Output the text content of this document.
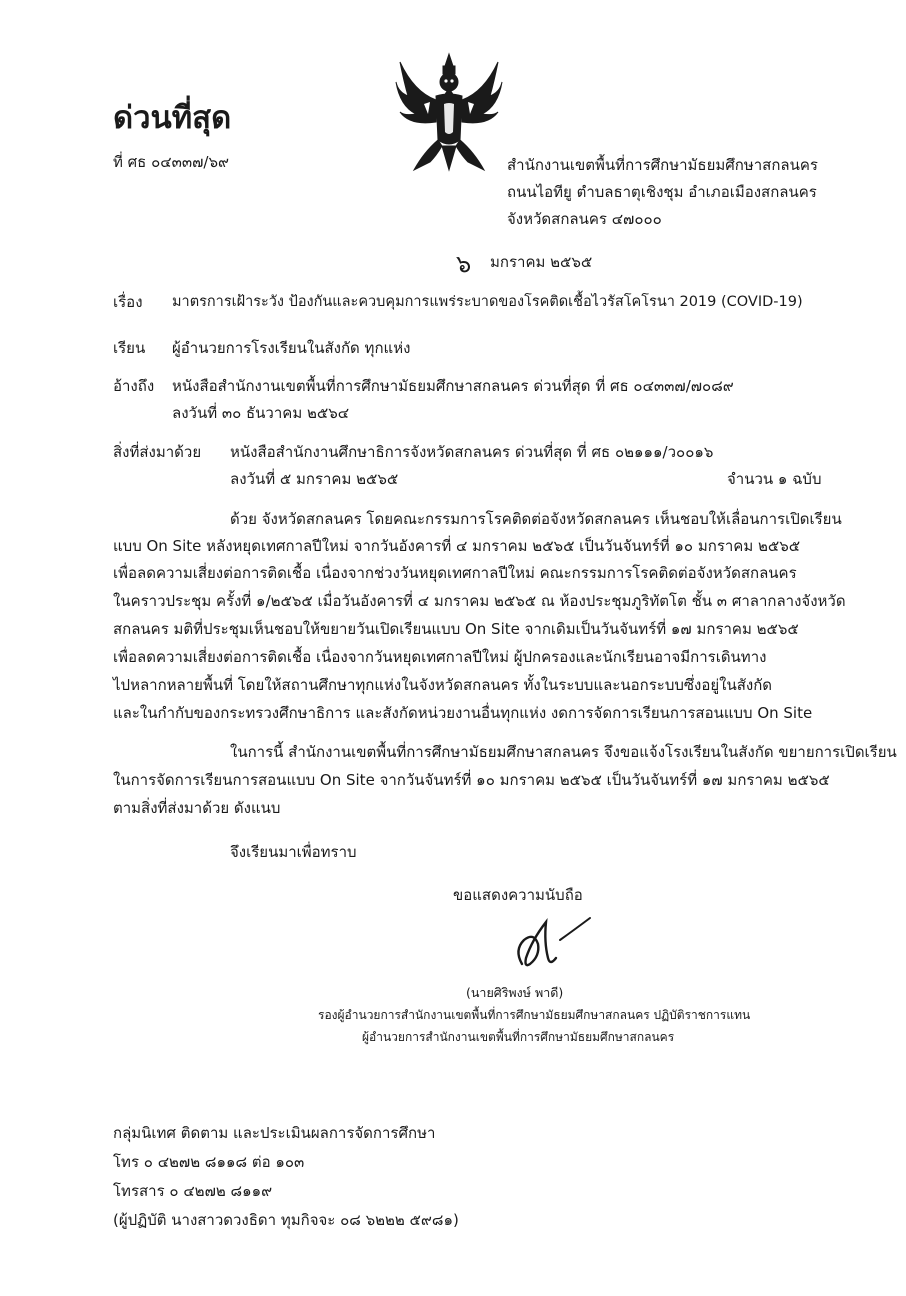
ด่วนที่สุด
ที่ ศธ ๐๔๓๓๗/๖๙	สำนักงานเขตพื้นที่การศึกษามัธยมศึกษาสกลนคร
ถนนไอทียู ตำบลธาตุเชิงชุม อำเภอเมืองสกลนคร
จังหวัดสกลนคร ๔๗๐๐๐
๖ มกราคม ๒๕๖๕
เรื่อง มาตรการเฝ้าระวัง ป้องกันและควบคุมการแพร่ระบาดของโรคติดเชื้อไวรัสโคโรนา 2019 (COVID-19)
เรียน ผู้อำนวยการโรงเรียนในสังกัด ทุกแห่ง
อ้างถึง หนังสือสำนักงานเขตพื้นที่การศึกษามัธยมศึกษาสกลนคร ด่วนที่สุด ที่ ศธ ๐๔๓๓๗/๗๐๘๙
ลงวันที่ ๓๐ ธันวาคม ๒๕๖๔
สิ่งที่ส่งมาด้วย หนังสือสำนักงานศึกษาธิการจังหวัดสกลนคร ด่วนที่สุด ที่ ศธ ๐๒๑๑๑/ว๐๐๑๖
ลงวันที่ ๕ มกราคม ๒๕๖๕	จำนวน ๑ ฉบับ
ด้วย จังหวัดสกลนคร โดยคณะกรรมการโรคติดต่อจังหวัดสกลนคร เห็นชอบให้เลื่อนการเปิดเรียน
แบบ On Site หลังหยุดเทศกาลปีใหม่ จากวันอังคารที่ ๔ มกราคม ๒๕๖๕ เป็นวันจันทร์ที่ ๑๐ มกราคม ๒๕๖๕
เพื่อลดความเสี่ยงต่อการติดเชื้อ เนื่องจากช่วงวันหยุดเทศกาลปีใหม่ คณะกรรมการโรคติดต่อจังหวัดสกลนคร
ในคราวประชุม ครั้งที่ ๑/๒๕๖๕ เมื่อวันอังคารที่ ๔ มกราคม ๒๕๖๕ ณ ห้องประชุมภูริทัตโต ชั้น ๓ ศาลากลางจังหวัด
สกลนคร มติที่ประชุมเห็นชอบให้ขยายวันเปิดเรียนแบบ On Site จากเดิมเป็นวันจันทร์ที่ ๑๗ มกราคม ๒๕๖๕
เพื่อลดความเสี่ยงต่อการติดเชื้อ เนื่องจากวันหยุดเทศกาลปีใหม่ ผู้ปกครองและนักเรียนอาจมีการเดินทาง
ไปหลากหลายพื้นที่ โดยให้สถานศึกษาทุกแห่งในจังหวัดสกลนคร ทั้งในระบบและนอกระบบซึ่งอยู่ในสังกัด
และในกำกับของกระทรวงศึกษาธิการ และสังกัดหน่วยงานอื่นทุกแห่ง งดการจัดการเรียนการสอนแบบ On Site
ในการนี้ สำนักงานเขตพื้นที่การศึกษามัธยมศึกษาสกลนคร จึงขอแจ้งโรงเรียนในสังกัด ขยายการเปิดเรียน
ในการจัดการเรียนการสอนแบบ On Site จากวันจันทร์ที่ ๑๐ มกราคม ๒๕๖๕ เป็นวันจันทร์ที่ ๑๗ มกราคม ๒๕๖๕
ตามสิ่งที่ส่งมาด้วย ดังแนบ
จึงเรียนมาเพื่อทราบ
ขอแสดงความนับถือ
(นายศิริพงษ์ พาดี)
รองผู้อำนวยการสำนักงานเขตพื้นที่การศึกษามัธยมศึกษาสกลนคร ปฏิบัติราชการแทน
ผู้อำนวยการสำนักงานเขตพื้นที่การศึกษามัธยมศึกษาสกลนคร
กลุ่มนิเทศ ติดตาม และประเมินผลการจัดการศึกษา
โทร ๐ ๔๒๗๒ ๘๑๑๘ ต่อ ๑๐๓
โทรสาร ๐ ๔๒๗๒ ๘๑๑๙
(ผู้ปฏิบัติ นางสาวดวงธิดา ทุมกิจจะ ๐๘ ๖๒๒๒ ๕๙๘๑)
